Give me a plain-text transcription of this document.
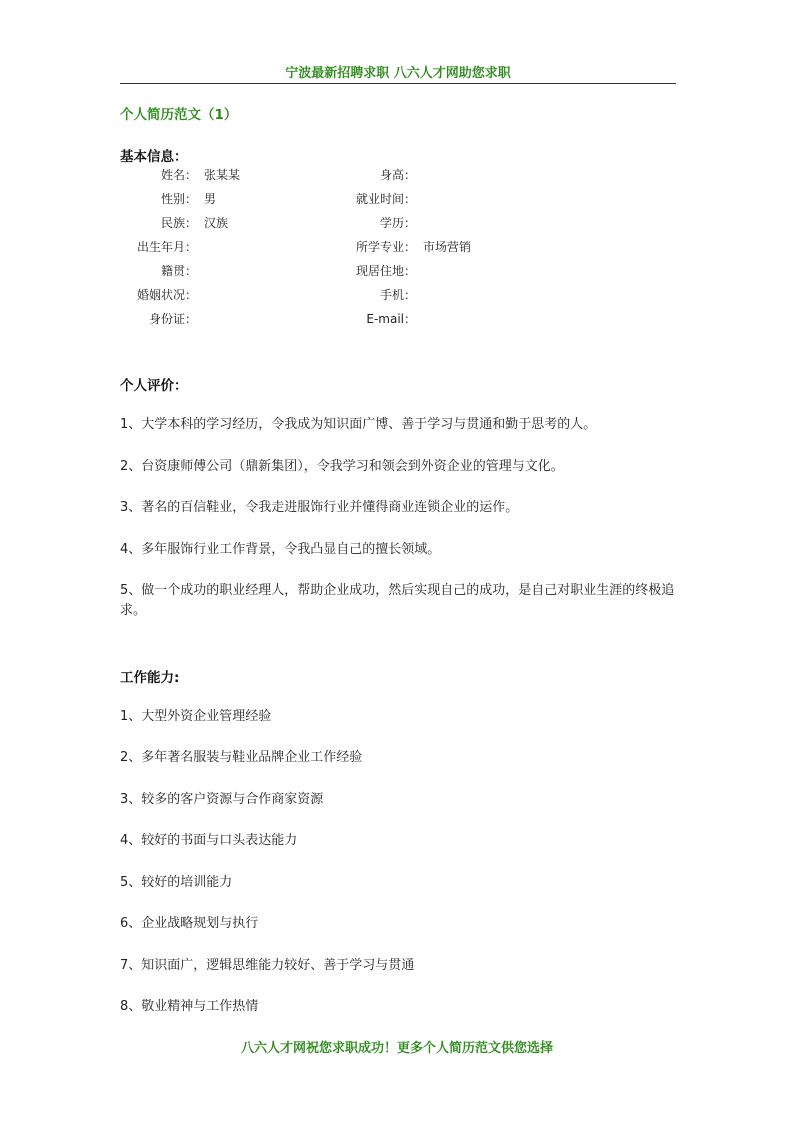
宁波最新招聘求职 八六人才网助您求职
个人简历范文（1）
基本信息：
姓名： 张某某	身高：
性别： 男	就业时间：
民族： 汉族	学历：
出生年月：	所学专业： 市场营销
籍贯：	现居住地：
婚姻状况：	手机：
身份证：	E-mail：
个人评价：
1、大学本科的学习经历，令我成为知识面广博、善于学习与贯通和勤于思考的人。
2、台资康师傅公司（鼎新集团），令我学习和领会到外资企业的管理与文化。
3、著名的百信鞋业，令我走进服饰行业并懂得商业连锁企业的运作。
4、多年服饰行业工作背景，令我凸显自己的擅长领域。
5、做一个成功的职业经理人，帮助企业成功，然后实现自己的成功，是自己对职业生涯的终极追求。
工作能力:
1、大型外资企业管理经验
2、多年著名服装与鞋业品牌企业工作经验
3、较多的客户资源与合作商家资源
4、较好的书面与口头表达能力
5、较好的培训能力
6、企业战略规划与执行
7、知识面广，逻辑思维能力较好、善于学习与贯通
8、敬业精神与工作热情
八六人才网祝您求职成功！更多个人简历范文供您选择
